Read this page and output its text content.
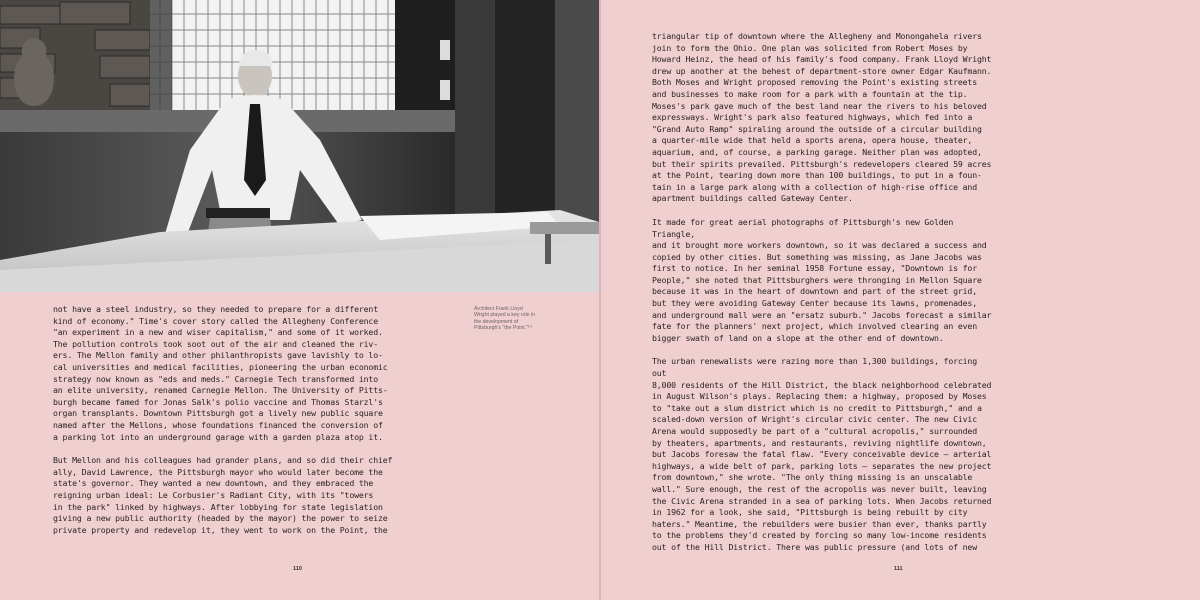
Architect Frank Lloyd
Wright played a key role in
the development of
Pittsburgh's "the Point."¹⁴

not have a steel industry, so they needed to prepare for a different
kind of economy." Time's cover story called the Allegheny Conference
"an experiment in a new and wiser capitalism," and some of it worked.
The pollution controls took soot out of the air and cleaned the riv-
ers. The Mellon family and other philanthropists gave lavishly to lo-
cal universities and medical facilities, pioneering the urban economic
strategy now known as "eds and meds." Carnegie Tech transformed into
an elite university, renamed Carnegie Mellon. The University of Pitts-
burgh became famed for Jonas Salk's polio vaccine and Thomas Starzl's
organ transplants. Downtown Pittsburgh got a lively new public square
named after the Mellons, whose foundations financed the conversion of
a parking lot into an underground garage with a garden plaza atop it.

But Mellon and his colleagues had grander plans, and so did their chief
ally, David Lawrence, the Pittsburgh mayor who would later become the
state's governor. They wanted a new downtown, and they embraced the
reigning urban ideal: Le Corbusier's Radiant City, with its "towers
in the park" linked by highways. After lobbying for state legislation
giving a new public authority (headed by the mayor) the power to seize
private property and redevelop it, they went to work on the Point, the

110	111

triangular tip of downtown where the Allegheny and Monongahela rivers
join to form the Ohio. One plan was solicited from Robert Moses by
Howard Heinz, the head of his family's food company. Frank Lloyd Wright
drew up another at the behest of department-store owner Edgar Kaufmann.
Both Moses and Wright proposed removing the Point's existing streets
and businesses to make room for a park with a fountain at the tip.
Moses's park gave much of the best land near the rivers to his beloved
expressways. Wright's park also featured highways, which fed into a
"Grand Auto Ramp" spiraling around the outside of a circular building
a quarter-mile wide that held a sports arena, opera house, theater,
aquarium, and, of course, a parking garage. Neither plan was adopted,
but their spirits prevailed. Pittsburgh's redevelopers cleared 59 acres
at the Point, tearing down more than 100 buildings, to put in a foun-
tain in a large park along with a collection of high-rise office and
apartment buildings called Gateway Center.

It made for great aerial photographs of Pittsburgh's new Golden Triangle,
and it brought more workers downtown, so it was declared a success and
copied by other cities. But something was missing, as Jane Jacobs was
first to notice. In her seminal 1958 Fortune essay, "Downtown is for
People," she noted that Pittsburghers were thronging in Mellon Square
because it was in the heart of downtown and part of the street grid,
but they were avoiding Gateway Center because its lawns, promenades,
and underground mall were an "ersatz suburb." Jacobs forecast a similar
fate for the planners' next project, which involved clearing an even
bigger swath of land on a slope at the other end of downtown.

The urban renewalists were razing more than 1,300 buildings, forcing out
8,000 residents of the Hill District, the black neighborhood celebrated
in August Wilson's plays. Replacing them: a highway, proposed by Moses
to "take out a slum district which is no credit to Pittsburgh," and a
scaled-down version of Wright's circular civic center. The new Civic
Arena would supposedly be part of a "cultural acropolis," surrounded
by theaters, apartments, and restaurants, reviving nightlife downtown,
but Jacobs foresaw the fatal flaw. "Every conceivable device — arterial
highways, a wide belt of park, parking lots — separates the new project
from downtown," she wrote. "The only thing missing is an unscalable
wall." Sure enough, the rest of the acropolis was never built, leaving
the Civic Arena stranded in a sea of parking lots. When Jacobs returned
in 1962 for a look, she said, "Pittsburgh is being rebuilt by city
haters." Meantime, the rebuilders were busier than ever, thanks partly
to the problems they'd created by forcing so many low-income residents
out of the Hill District. There was public pressure (and lots of new
